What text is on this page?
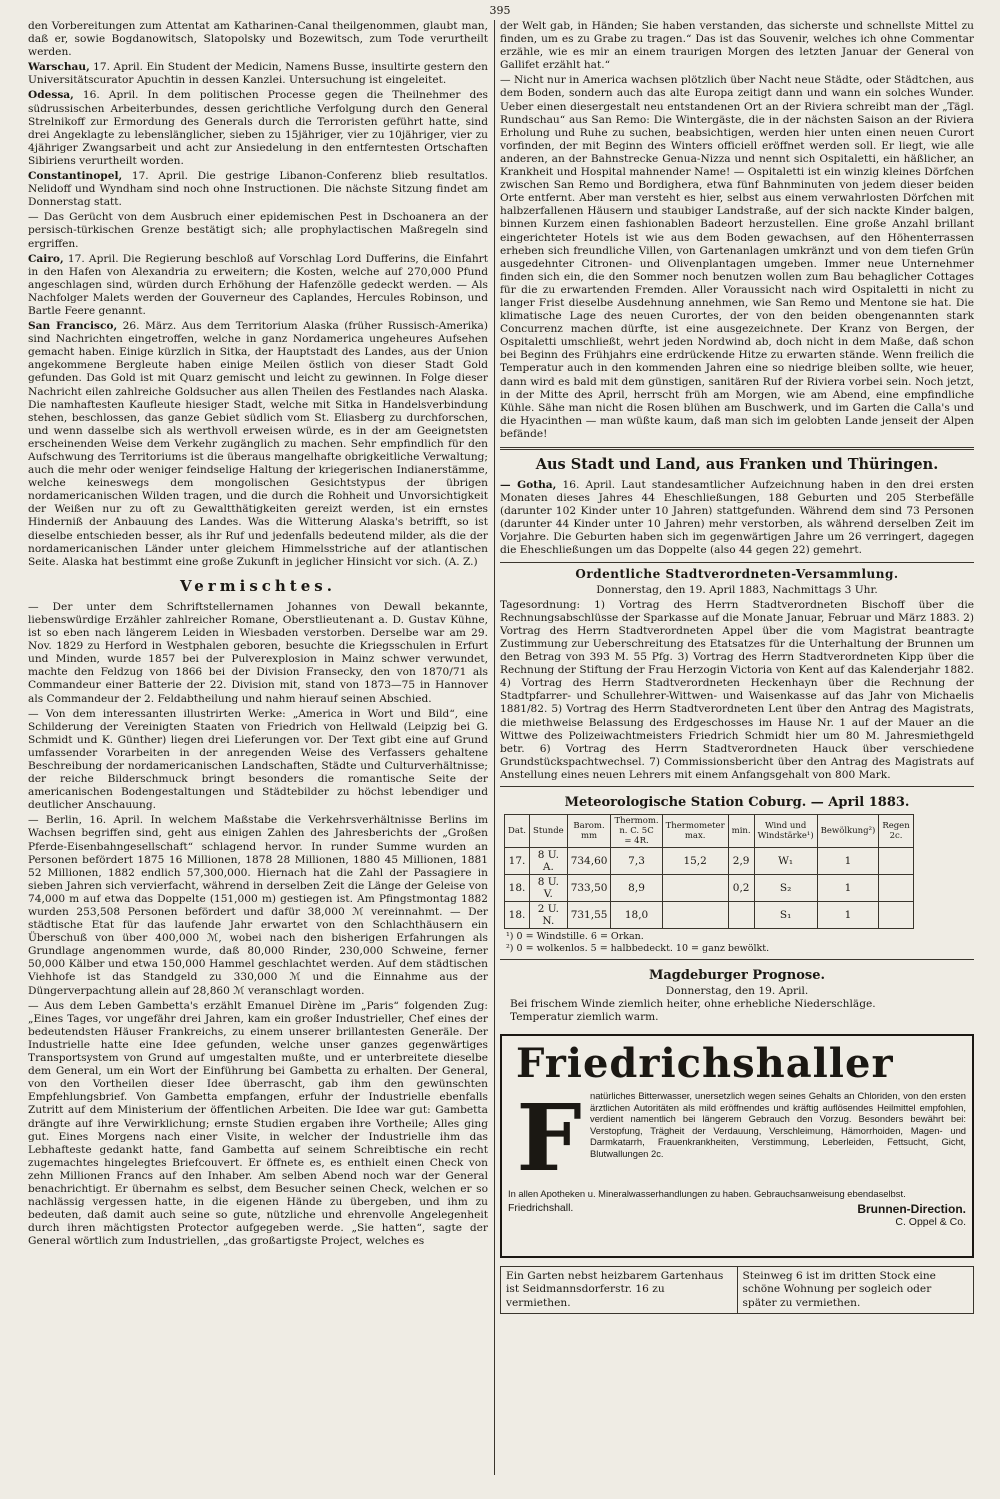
395

den Vorbereitungen zum Attentat am Katharinen-Canal theilgenommen, glaubt man, daß er, sowie Bogdanowitsch, Slatopolsky und Bozewitsch, zum Tode verurtheilt werden.

Warschau, 17. April. Ein Student der Medicin, Namens Busse, insultirte gestern den Universitätscurator Apuchtin in dessen Kanzlei. Untersuchung ist eingeleitet.

Odessa, 16. April. In dem politischen Processe gegen die Theilnehmer des südrussischen Arbeiterbundes, dessen gerichtliche Verfolgung durch den General Strelnikoff zur Ermordung des Generals durch die Terroristen geführt hatte, sind drei Angeklagte zu lebenslänglicher, sieben zu 15jähriger, vier zu 10jähriger, vier zu 4jähriger Zwangsarbeit und acht zur Ansiedelung in den entferntesten Ortschaften Sibiriens verurtheilt worden.

Constantinopel, 17. April. Die gestrige Libanon-Conferenz blieb resultatlos. Nelidoff und Wyndham sind noch ohne Instructionen. Die nächste Sitzung findet am Donnerstag statt.

— Das Gerücht von dem Ausbruch einer epidemischen Pest in Dschoanera an der persisch-türkischen Grenze bestätigt sich; alle prophylactischen Maßregeln sind ergriffen.

Cairo, 17. April. Die Regierung beschloß auf Vorschlag Lord Dufferins, die Einfahrt in den Hafen von Alexandria zu erweitern; die Kosten, welche auf 270,000 Pfund angeschlagen sind, würden durch Erhöhung der Hafenzölle gedeckt werden. — Als Nachfolger Malets werden der Gouverneur des Caplandes, Hercules Robinson, und Bartle Feere genannt.

San Francisco, 26. März. Aus dem Territorium Alaska (früher Russisch-Amerika) sind Nachrichten eingetroffen, welche in ganz Nordamerica ungeheures Aufsehen gemacht haben. Einige kürzlich in Sitka, der Hauptstadt des Landes, aus der Union angekommene Bergleute haben einige Meilen östlich von dieser Stadt Gold gefunden. Das Gold ist mit Quarz gemischt und leicht zu gewinnen. In Folge dieser Nachricht eilen zahlreiche Goldsucher aus allen Theilen des Festlandes nach Alaska. Die namhaftesten Kaufleute hiesiger Stadt, welche mit Sitka in Handelsverbindung stehen, beschlossen, das ganze Gebiet südlich vom St. Eliasberg zu durchforschen, und wenn dasselbe sich als werthvoll erweisen würde, es in der am Geeignetsten erscheinenden Weise dem Verkehr zugänglich zu machen. Sehr empfindlich für den Aufschwung des Territoriums ist die überaus mangelhafte obrigkeitliche Verwaltung; auch die mehr oder weniger feindselige Haltung der kriegerischen Indianerstämme, welche keineswegs dem mongolischen Gesichtstypus der übrigen nordamericanischen Wilden tragen, und die durch die Rohheit und Unvorsichtigkeit der Weißen nur zu oft zu Gewaltthätigkeiten gereizt werden, ist ein ernstes Hinderniß der Anbauung des Landes. Was die Witterung Alaska's betrifft, so ist dieselbe entschieden besser, als ihr Ruf und jedenfalls bedeutend milder, als die der nordamericanischen Länder unter gleichem Himmelsstriche auf der atlantischen Seite. Alaska hat bestimmt eine große Zukunft in jeglicher Hinsicht vor sich. (A. Z.)

Vermischtes.

— Der unter dem Schriftstellernamen Johannes von Dewall bekannte, liebenswürdige Erzähler zahlreicher Romane, Oberstlieutenant a. D. Gustav Kühne, ist so eben nach längerem Leiden in Wiesbaden verstorben. Derselbe war am 29. Nov. 1829 zu Herford in Westphalen geboren, besuchte die Kriegsschulen in Erfurt und Minden, wurde 1857 bei der Pulverexplosion in Mainz schwer verwundet, machte den Feldzug von 1866 bei der Division Fransecky, den von 1870/71 als Commandeur einer Batterie der 22. Division mit, stand von 1873—75 in Hannover als Commandeur der 2. Feldabtheilung und nahm hierauf seinen Abschied.

— Von dem interessanten illustrirten Werke: „America in Wort und Bild“, eine Schilderung der Vereinigten Staaten von Friedrich von Hellwald (Leipzig bei G. Schmidt und K. Günther) liegen drei Lieferungen vor. Der Text gibt eine auf Grund umfassender Vorarbeiten in der anregenden Weise des Verfassers gehaltene Beschreibung der nordamericanischen Landschaften, Städte und Culturverhältnisse; der reiche Bilderschmuck bringt besonders die romantische Seite der americanischen Bodengestaltungen und Städtebilder zu höchst lebendiger und deutlicher Anschauung.

— Berlin, 16. April. In welchem Maßstabe die Verkehrsverhältnisse Berlins im Wachsen begriffen sind, geht aus einigen Zahlen des Jahresberichts der „Großen Pferde-Eisenbahngesellschaft“ schlagend hervor. In runder Summe wurden an Personen befördert 1875 16 Millionen, 1878 28 Millionen, 1880 45 Millionen, 1881 52 Millionen, 1882 endlich 57,300,000. Hiernach hat die Zahl der Passagiere in sieben Jahren sich vervierfacht, während in derselben Zeit die Länge der Geleise von 74,000 m auf etwa das Doppelte (151,000 m) gestiegen ist. Am Pfingstmontag 1882 wurden 253,508 Personen befördert und dafür 38,000 ℳ vereinnahmt. — Der städtische Etat für das laufende Jahr erwartet von den Schlachthäusern ein Überschuß von über 400,000 ℳ, wobei nach den bisherigen Erfahrungen als Grundlage angenommen wurde, daß 80,000 Rinder, 230,000 Schweine, ferner 50,000 Kälber und etwa 150,000 Hammel geschlachtet werden. Auf dem städtischen Viehhofe ist das Standgeld zu 330,000 ℳ und die Einnahme aus der Düngerverpachtung allein auf 28,860 ℳ veranschlagt worden.

— Aus dem Leben Gambetta's erzählt Emanuel Dirène im „Paris“ folgenden Zug: „Eines Tages, vor ungefähr drei Jahren, kam ein großer Industrieller, Chef eines der bedeutendsten Häuser Frankreichs, zu einem unserer brillantesten Generäle. Der Industrielle hatte eine Idee gefunden, welche unser ganzes gegenwärtiges Transportsystem von Grund auf umgestalten mußte, und er unterbreitete dieselbe dem General, um ein Wort der Einführung bei Gambetta zu erhalten. Der General, von den Vortheilen dieser Idee überrascht, gab ihm den gewünschten Empfehlungsbrief. Von Gambetta empfangen, erfuhr der Industrielle ebenfalls Zutritt auf dem Ministerium der öffentlichen Arbeiten. Die Idee war gut: Gambetta drängte auf ihre Verwirklichung; ernste Studien ergaben ihre Vortheile; Alles ging gut. Eines Morgens nach einer Visite, in welcher der Industrielle ihm das Lebhafteste gedankt hatte, fand Gambetta auf seinem Schreibtische ein recht zugemachtes hingelegtes Briefcouvert. Er öffnete es, es enthielt einen Check von zehn Millionen Francs auf den Inhaber. Am selben Abend noch war der General benachrichtigt. Er übernahm es selbst, dem Besucher seinen Check, welchen er so nachlässig vergessen hatte, in die eigenen Hände zu übergeben, und ihm zu bedeuten, daß damit auch seine so gute, nützliche und ehrenvolle Angelegenheit durch ihren mächtigsten Protector aufgegeben werde. „Sie hatten“, sagte der General wörtlich zum Industriellen, „das großartigste Project, welches es

der Welt gab, in Händen; Sie haben verstanden, das sicherste und schnellste Mittel zu finden, um es zu Grabe zu tragen.“ Das ist das Souvenir, welches ich ohne Commentar erzähle, wie es mir an einem traurigen Morgen des letzten Januar der General von Gallifet erzählt hat.“

— Nicht nur in America wachsen plötzlich über Nacht neue Städte, oder Städtchen, aus dem Boden, sondern auch das alte Europa zeitigt dann und wann ein solches Wunder. Ueber einen diesergestalt neu entstandenen Ort an der Riviera schreibt man der „Tägl. Rundschau“ aus San Remo: Die Wintergäste, die in der nächsten Saison an der Riviera Erholung und Ruhe zu suchen, beabsichtigen, werden hier unten einen neuen Curort vorfinden, der mit Beginn des Winters officiell eröffnet werden soll. Er liegt, wie alle anderen, an der Bahnstrecke Genua-Nizza und nennt sich Ospitaletti, ein häßlicher, an Krankheit und Hospital mahnender Name! — Ospitaletti ist ein winzig kleines Dörfchen zwischen San Remo und Bordighera, etwa fünf Bahnminuten von jedem dieser beiden Orte entfernt. Aber man versteht es hier, selbst aus einem verwahrlosten Dörfchen mit halbzerfallenen Häusern und staubiger Landstraße, auf der sich nackte Kinder balgen, binnen Kurzem einen fashionablen Badeort herzustellen. Eine große Anzahl brillant eingerichteter Hotels ist wie aus dem Boden gewachsen, auf den Höhenterrassen erheben sich freundliche Villen, von Gartenanlagen umkränzt und von dem tiefen Grün ausgedehnter Citronen- und Olivenplantagen umgeben. Immer neue Unternehmer finden sich ein, die den Sommer noch benutzen wollen zum Bau behaglicher Cottages für die zu erwartenden Fremden. Aller Voraussicht nach wird Ospitaletti in nicht zu langer Frist dieselbe Ausdehnung annehmen, wie San Remo und Mentone sie hat. Die klimatische Lage des neuen Curortes, der von den beiden obengenannten stark Concurrenz machen dürfte, ist eine ausgezeichnete. Der Kranz von Bergen, der Ospitaletti umschließt, wehrt jeden Nordwind ab, doch nicht in dem Maße, daß schon bei Beginn des Frühjahrs eine erdrückende Hitze zu erwarten stände. Wenn freilich die Temperatur auch in den kommenden Jahren eine so niedrige bleiben sollte, wie heuer, dann wird es bald mit dem günstigen, sanitären Ruf der Riviera vorbei sein. Noch jetzt, in der Mitte des April, herrscht früh am Morgen, wie am Abend, eine empfindliche Kühle. Sähe man nicht die Rosen blühen am Buschwerk, und im Garten die Calla's und die Hyacinthen — man wüßte kaum, daß man sich im gelobten Lande jenseit der Alpen befände!

Aus Stadt und Land, aus Franken und Thüringen.

— Gotha, 16. April. Laut standesamtlicher Aufzeichnung haben in den drei ersten Monaten dieses Jahres 44 Eheschließungen, 188 Geburten und 205 Sterbefälle (darunter 102 Kinder unter 10 Jahren) stattgefunden. Während dem sind 73 Personen (darunter 44 Kinder unter 10 Jahren) mehr verstorben, als während derselben Zeit im Vorjahre. Die Geburten haben sich im gegenwärtigen Jahre um 26 verringert, dagegen die Eheschließungen um das Doppelte (also 44 gegen 22) gemehrt.

Ordentliche Stadtverordneten-Versammlung.

Donnerstag, den 19. April 1883, Nachmittags 3 Uhr.

Tagesordnung: 1) Vortrag des Herrn Stadtverordneten Bischoff über die Rechnungsabschlüsse der Sparkasse auf die Monate Januar, Februar und März 1883. 2) Vortrag des Herrn Stadtverordneten Appel über die vom Magistrat beantragte Zustimmung zur Ueberschreitung des Etatsatzes für die Unterhaltung der Brunnen um den Betrag von 393 M. 55 Pfg. 3) Vortrag des Herrn Stadtverordneten Kipp über die Rechnung der Stiftung der Frau Herzogin Victoria von Kent auf das Kalenderjahr 1882. 4) Vortrag des Herrn Stadtverordneten Heckenhayn über die Rechnung der Stadtpfarrer- und Schullehrer-Wittwen- und Waisenkasse auf das Jahr von Michaelis 1881/82. 5) Vortrag des Herrn Stadtverordneten Lent über den Antrag des Magistrats, die miethweise Belassung des Erdgeschosses im Hause Nr. 1 auf der Mauer an die Wittwe des Polizeiwachtmeisters Friedrich Schmidt hier um 80 M. Jahresmiethgeld betr. 6) Vortrag des Herrn Stadtverordneten Hauck über verschiedene Grundstückspachtwechsel. 7) Commissionsbericht über den Antrag des Magistrats auf Anstellung eines neuen Lehrers mit einem Anfangsgehalt von 800 Mark.

Meteorologische Station Coburg. — April 1883.
Dat.	Stunde	Barom. mm	Thermom. n. C. 5C = 4R.	Thermometer max.	min.	Wind und Windstärke¹)	Bewölkung²)	Regen 2c.
17.	8 U. A.	734,60	7,3	15,2	2,9	W₁	1	
18.	8 U. V.	733,50	8,9		0,2	S₂	1	
18.	2 U. N.	731,55	18,0			S₁	1	
¹) 0 = Windstille. 6 = Orkan.
²) 0 = wolkenlos. 5 = halbbedeckt. 10 = ganz bewölkt.
Magdeburger Prognose.
Donnerstag, den 19. April.
Bei frischem Winde ziemlich heiter, ohne erhebliche Niederschläge.
Temperatur ziemlich warm.
Friedrichshaller
F natürliches Bitterwasser, unersetzlich wegen seines Gehalts an Chloriden, von den ersten ärztlichen Autoritäten als mild eröffnendes und kräftig auflösendes Heilmittel empfohlen, verdient namentlich bei längerem Gebrauch den Vorzug. Besonders bewährt bei: Verstopfung, Trägheit der Verdauung, Verschleimung, Hämorrhoiden, Magen- und Darmkatarrh, Frauenkrankheiten, Verstimmung, Leberleiden, Fettsucht, Gicht, Blutwallungen 2c.
In allen Apotheken u. Mineralwasserhandlungen zu haben. Gebrauchsanweisung ebendaselbst.
Friedrichshall.	Brunnen-Direction.
C. Oppel & Co.
Ein Garten nebst heizbarem Gartenhaus ist Seidmannsdorferstr. 16 zu vermiethen.
Steinweg 6 ist im dritten Stock eine schöne Wohnung per sogleich oder später zu vermiethen.
